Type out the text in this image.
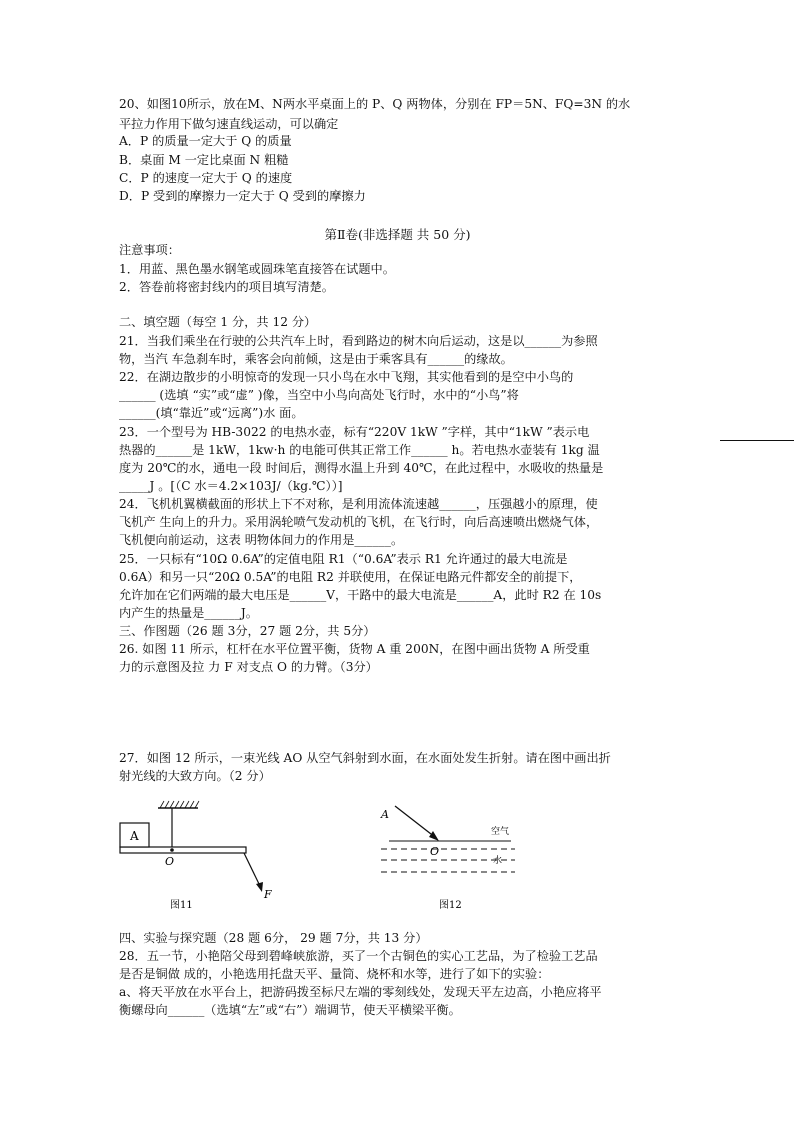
20、如图10所示，放在M、N两水平桌面上的 P、Q 两物体，分别在 FP＝5N、FQ=3N 的水
平拉力作用下做匀速直线运动，可以确定
A．P 的质量一定大于 Q 的质量
B．桌面 M 一定比桌面 N 粗糙
C．P 的速度一定大于 Q 的速度
D．P 受到的摩擦力一定大于 Q 受到的摩擦力
第Ⅱ卷(非选择题 共 50 分)
注意事项：
1．用蓝、黑色墨水钢笔或圆珠笔直接答在试题中。
2．答卷前将密封线内的项目填写清楚。
二、填空题（每空 1 分，共 12 分）
21．当我们乘坐在行驶的公共汽车上时，看到路边的树木向后运动，这是以______为参照
物，当汽 车急刹车时，乘客会向前倾，这是由于乘客具有______的缘故。
22．在湖边散步的小明惊奇的发现一只小鸟在水中飞翔，其实他看到的是空中小鸟的
______ (选填 “实”或“虚” )像，当空中小鸟向高处飞行时，水中的“小鸟”将
______(填“靠近”或“远离”)水 面。
23．一个型号为 HB-3022 的电热水壶，标有“220V 1kW ”字样，其中“1kW ”表示电
热器的______是 1kW，1kw·h 的电能可供其正常工作______ h。若电热水壶装有 1kg 温
度为 20℃的水，通电一段 时间后，测得水温上升到 40℃，在此过程中，水吸收的热量是
_____J 。[（C 水＝4.2×103J/（kg.℃））]
24．飞机机翼横截面的形状上下不对称，是利用流体流速越______，压强越小的原理，使
飞机产 生向上的升力。采用涡轮喷气发动机的飞机，在飞行时，向后高速喷出燃烧气体，
飞机便向前运动，这表 明物体间力的作用是______。
25．一只标有“10Ω 0.6A”的定值电阻 R1（“0.6A”表示 R1 允许通过的最大电流是
0.6A）和另一只“20Ω 0.5A”的电阻 R2 并联使用，在保证电路元件都安全的前提下，
允许加在它们两端的最大电压是______V，干路中的最大电流是______A，此时 R2 在 10s
内产生的热量是______J。
三、作图题（26 题 3分，27 题 2分，共 5分）
26. 如图 11 所示，杠杆在水平位置平衡，货物 A 重 200N，在图中画出货物 A 所受重
力的示意图及拉 力 F 对支点 O 的力臂。（3分）
27．如图 12 所示，一束光线 AO 从空气斜射到水面，在水面处发生折射。请在图中画出折
射光线的大致方向。（2 分）
A
O
F
图11
A
空气
O
水
图12
四、实验与探究题（28 题 6分， 29 题 7分，共 13 分）
28．五一节，小艳陪父母到碧峰峡旅游，买了一个古铜色的实心工艺品，为了检验工艺品
是否是铜做 成的，小艳选用托盘天平、量筒、烧杯和水等，进行了如下的实验：
a、将天平放在水平台上，把游码拨至标尺左端的零刻线处，发现天平左边高，小艳应将平
衡螺母向______（选填“左”或“右”）端调节，使天平横梁平衡。
